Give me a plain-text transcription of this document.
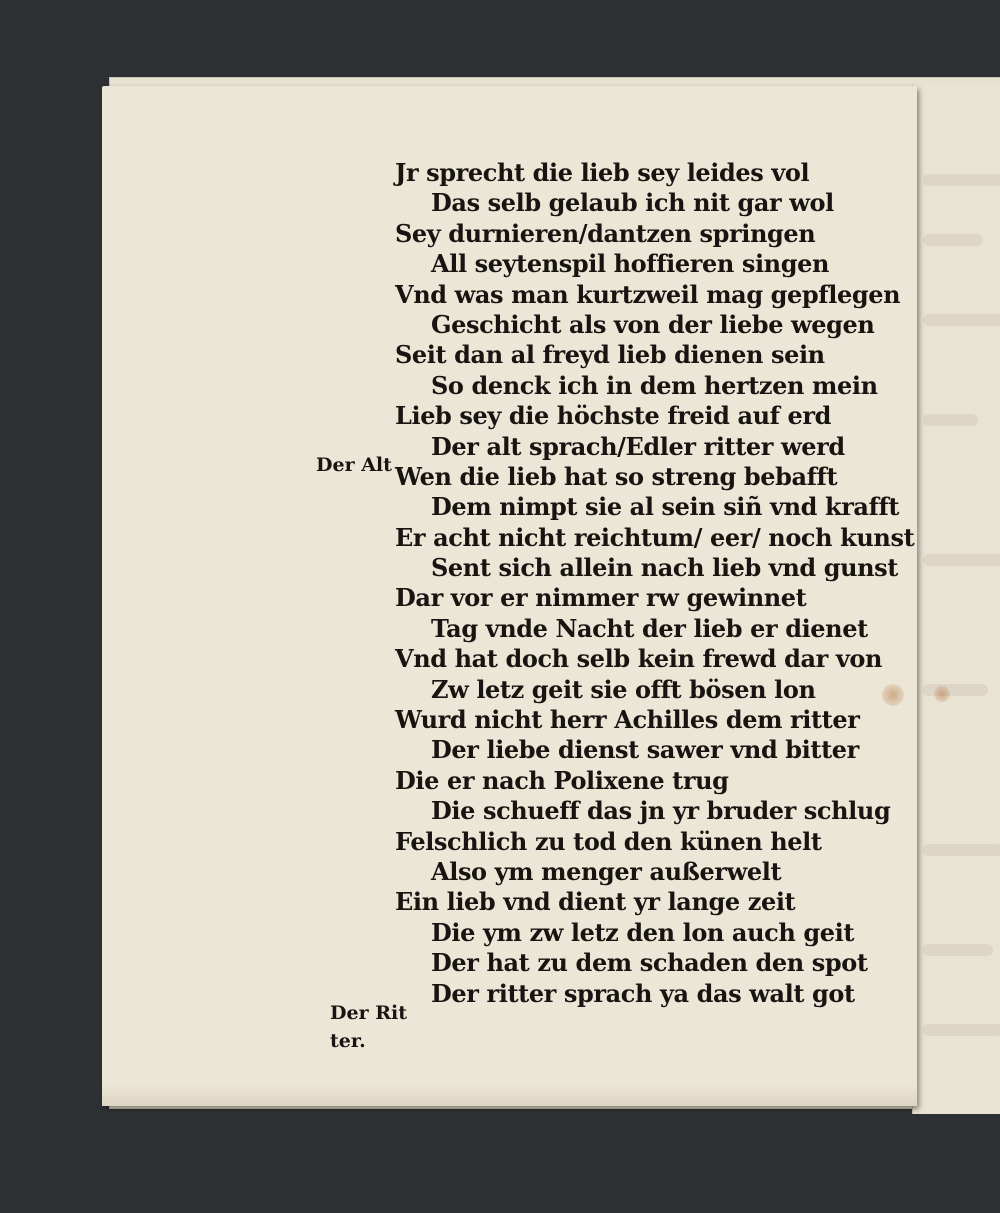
Jr sprecht die lieb sey leides vol
Das selb gelaub ich nit gar wol
Sey durnieren/dantzen springen
All seytenspil hoffieren singen
Vnd was man kurtzweil mag gepflegen
Geschicht als von der liebe wegen
Seit dan al freyd lieb dienen sein
So denck ich in dem hertzen mein
Lieb sey die höchste freid auf erd
Der alt sprach/Edler ritter werd
Wen die lieb hat so streng bebafft
Dem nimpt sie al sein siñ vnd krafft
Er acht nicht reichtum/ eer/ noch kunst
Sent sich allein nach lieb vnd gunst
Dar vor er nimmer rw gewinnet
Tag vnde Nacht der lieb er dienet
Vnd hat doch selb kein frewd dar von
Zw letz geit sie offt bösen lon
Wurd nicht herr Achilles dem ritter
Der liebe dienst sawer vnd bitter
Die er nach Polixene trug
Die schueff das jn yr bruder schlug
Felschlich zu tod den künen helt
Also ym menger außerwelt
Ein lieb vnd dient yr lange zeit
Die ym zw letz den lon auch geit
Der hat zu dem schaden den spot
Der ritter sprach ya das walt got
Der Alt
Der Rit
ter.
